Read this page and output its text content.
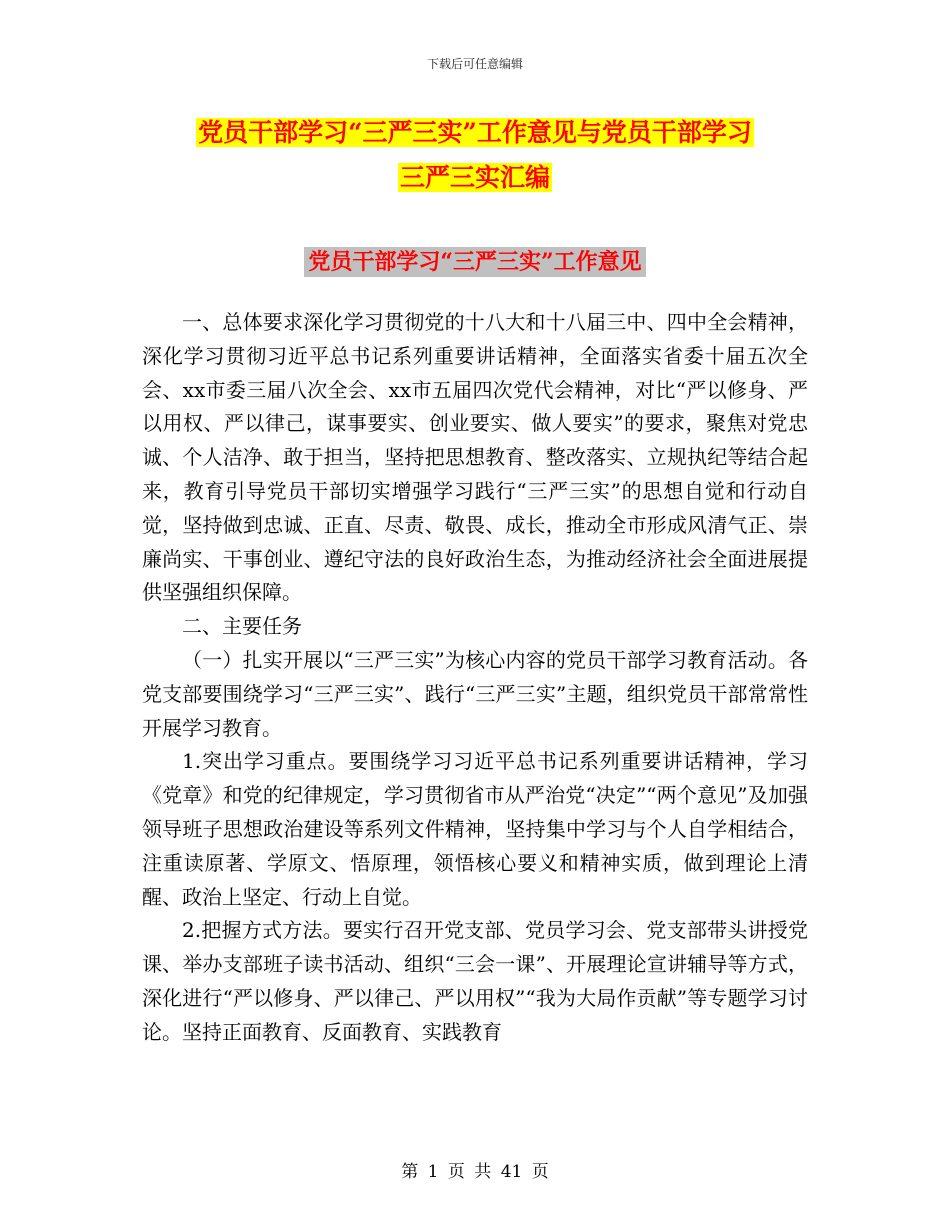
下载后可任意编辑
党员干部学习“三严三实”工作意见与党员干部学习
三严三实汇编
党员干部学习“三严三实”工作意见

一、总体要求深化学习贯彻党的十八大和十八届三中、四中全会精神，深化学习贯彻习近平总书记系列重要讲话精神，全面落实省委十届五次全会、xx市委三届八次全会、xx市五届四次党代会精神，对比“严以修身、严以用权、严以律己，谋事要实、创业要实、做人要实”的要求，聚焦对党忠诚、个人洁净、敢于担当，坚持把思想教育、整改落实、立规执纪等结合起来，教育引导党员干部切实增强学习践行“三严三实”的思想自觉和行动自觉，坚持做到忠诚、正直、尽责、敬畏、成长，推动全市形成风清气正、崇廉尚实、干事创业、遵纪守法的良好政治生态，为推动经济社会全面进展提供坚强组织保障。

二、主要任务

（一）扎实开展以“三严三实”为核心内容的党员干部学习教育活动。各党支部要围绕学习“三严三实”、践行“三严三实”主题，组织党员干部常常性开展学习教育。

1.突出学习重点。要围绕学习习近平总书记系列重要讲话精神，学习《党章》和党的纪律规定，学习贯彻省市从严治党“决定”“两个意见”及加强领导班子思想政治建设等系列文件精神，坚持集中学习与个人自学相结合，注重读原著、学原文、悟原理，领悟核心要义和精神实质，做到理论上清醒、政治上坚定、行动上自觉。

2.把握方式方法。要实行召开党支部、党员学习会、党支部带头讲授党课、举办支部班子读书活动、组织“三会一课”、开展理论宣讲辅导等方式，深化进行“严以修身、严以律己、严以用权”“我为大局作贡献”等专题学习讨论。坚持正面教育、反面教育、实践教育

第 1 页 共 41 页
